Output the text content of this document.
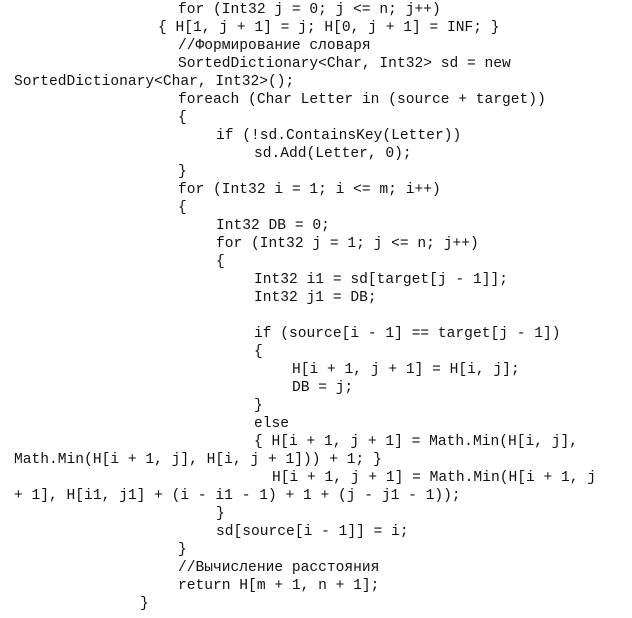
for (Int32 j = 0; j <= n; j++)
{ H[1, j + 1] = j; H[0, j + 1] = INF; }
//Формирование словаря
SortedDictionary<Char, Int32> sd = new
SortedDictionary<Char, Int32>();
foreach (Char Letter in (source + target))
{
if (!sd.ContainsKey(Letter))
sd.Add(Letter, 0);
}
for (Int32 i = 1; i <= m; i++)
{
Int32 DB = 0;
for (Int32 j = 1; j <= n; j++)
{
Int32 i1 = sd[target[j - 1]];
Int32 j1 = DB;
if (source[i - 1] == target[j - 1])
{
H[i + 1, j + 1] = H[i, j];
DB = j;
}
else
{ H[i + 1, j + 1] = Math.Min(H[i, j],
Math.Min(H[i + 1, j], H[i, j + 1])) + 1; }
H[i + 1, j + 1] = Math.Min(H[i + 1, j
+ 1], H[i1, j1] + (i - i1 - 1) + 1 + (j - j1 - 1));
}
sd[source[i - 1]] = i;
}
//Вычисление расстояния
return H[m + 1, n + 1];
}
